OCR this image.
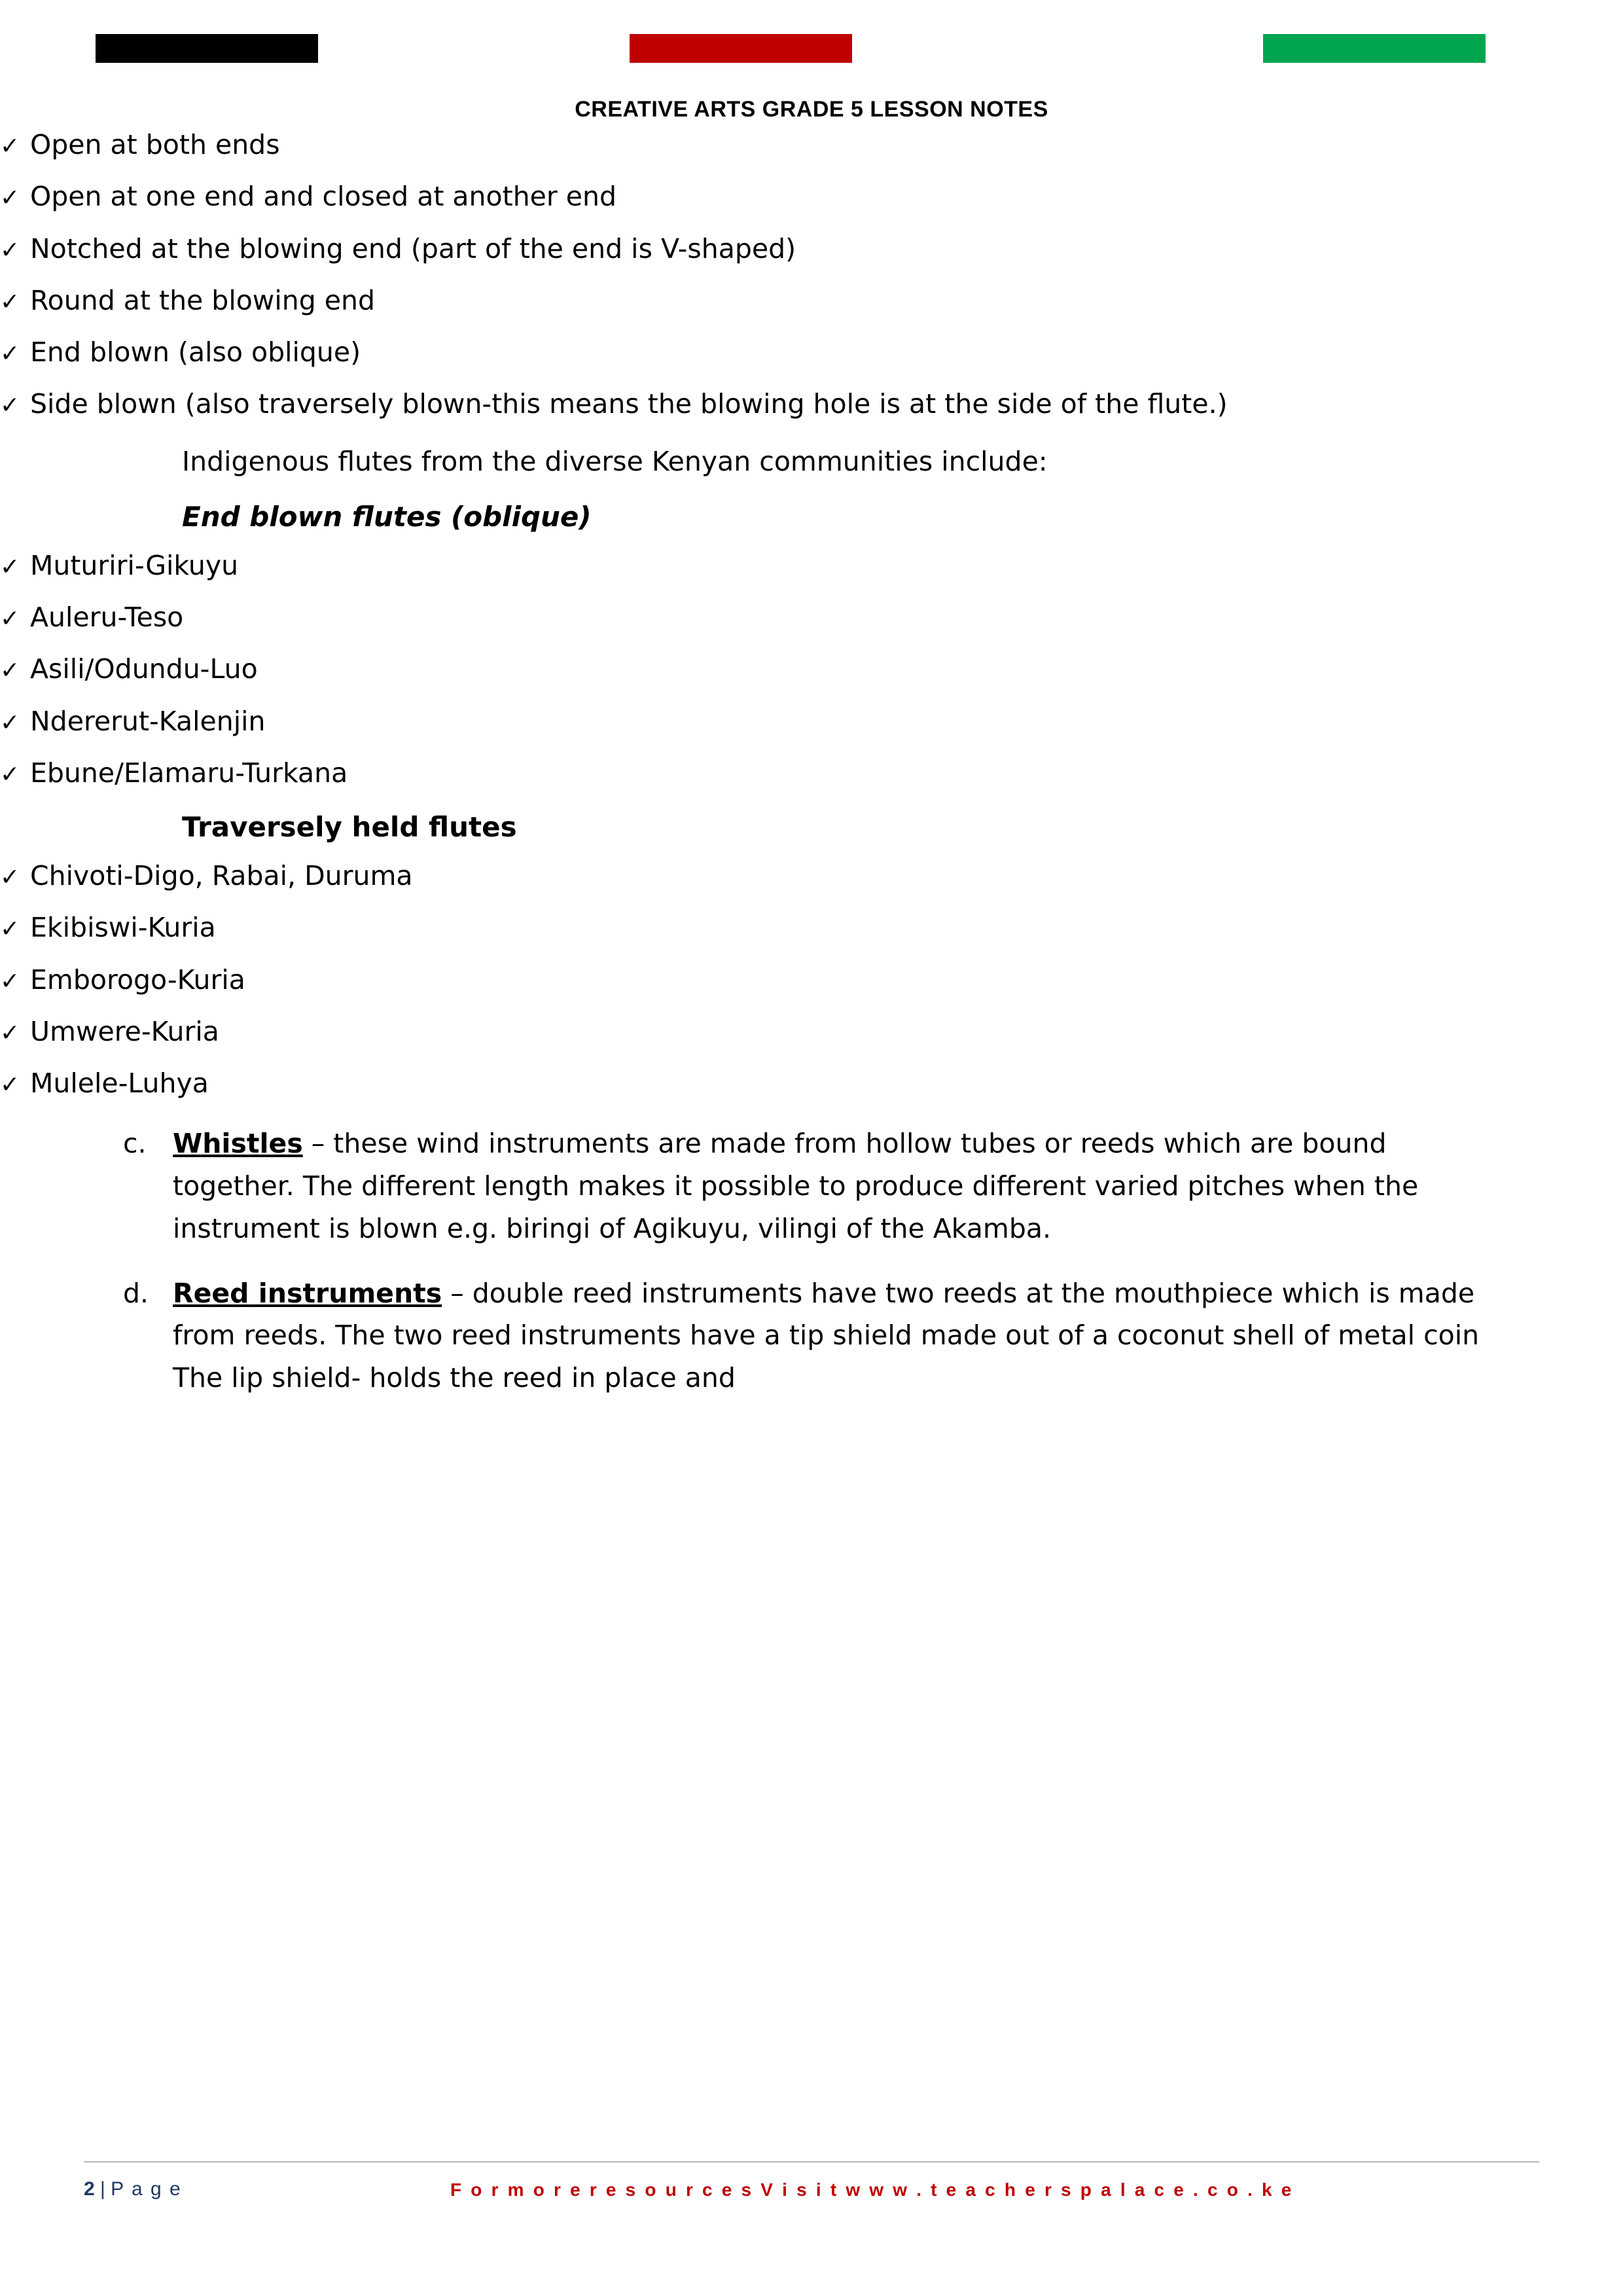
CREATIVE ARTS GRADE 5 LESSON NOTES
✓ Open at both ends
✓ Open at one end and closed at another end
✓ Notched at the blowing end (part of the end is V-shaped)
✓ Round at the blowing end
✓ End blown (also oblique)
✓ Side blown (also traversely blown-this means the blowing hole is at the side of the flute.)
Indigenous flutes from the diverse Kenyan communities include:
End blown flutes (oblique)
✓ Muturiri-Gikuyu
✓ Auleru-Teso
✓ Asili/Odundu-Luo
✓ Ndererut-Kalenjin
✓ Ebune/Elamaru-Turkana
Traversely held flutes
✓ Chivoti-Digo, Rabai, Duruma
✓ Ekibiswi-Kuria
✓ Emborogo-Kuria
✓ Umwere-Kuria
✓ Mulele-Luhya
c. Whistles – these wind instruments are made from hollow tubes or reeds which are bound together. The different length makes it possible to produce different varied pitches when the instrument is blown e.g. biringi of Agikuyu, vilingi of the Akamba.
d. Reed instruments – double reed instruments have two reeds at the mouthpiece which is made from reeds. The two reed instruments have a tip shield made out of a coconut shell of metal coin The lip shield- holds the reed in place and
2 | P a g e	F o r m o r e r e s o u r c e s V i s i t w w w . t e a c h e r s p a l a c e . c o . k e
